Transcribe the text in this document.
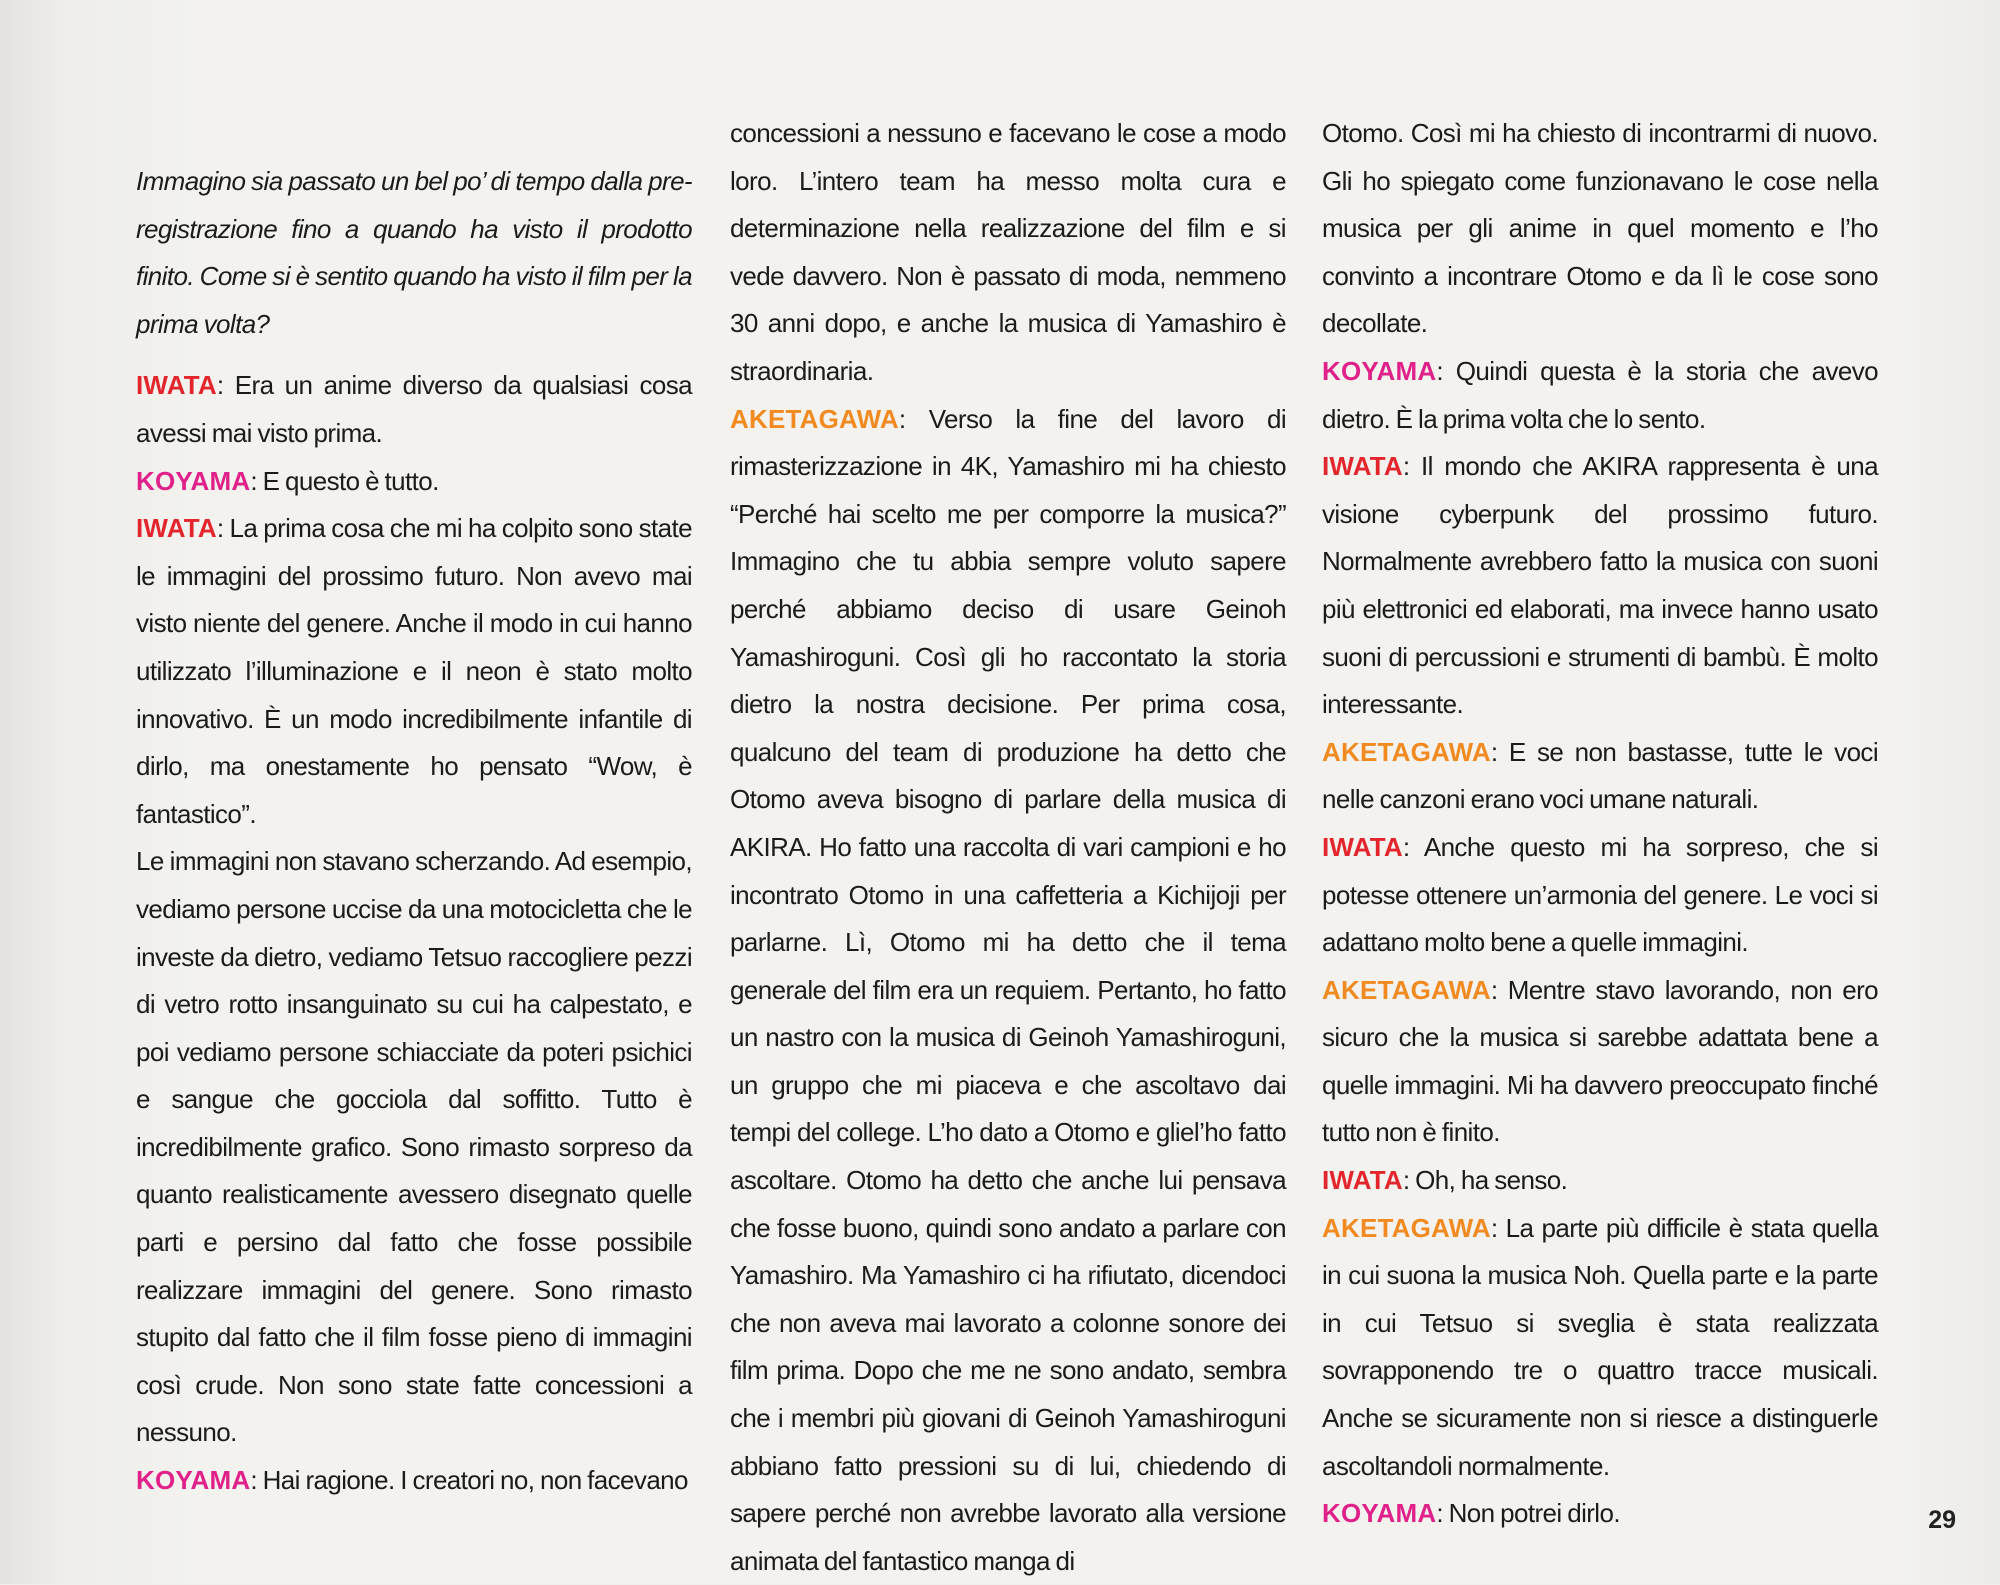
Immagino sia passato un bel po’ di tempo dalla pre-registrazione fino a quando ha visto il prodotto finito. Come si è sentito quando ha visto il film per la prima volta?

IWATA: Era un anime diverso da qualsiasi cosa avessi mai visto prima.

KOYAMA: E questo è tutto.

IWATA: La prima cosa che mi ha colpito sono state le immagini del prossimo futuro. Non avevo mai visto niente del genere. Anche il modo in cui hanno utilizzato l’illuminazione e il neon è stato molto innovativo. È un modo incredibilmente infantile di dirlo, ma onestamente ho pensato “Wow, è fantastico”.

Le immagini non stavano scherzando. Ad esempio, vediamo persone uccise da una motocicletta che le investe da dietro, vediamo Tetsuo raccogliere pezzi di vetro rotto insanguinato su cui ha calpestato, e poi vediamo persone schiacciate da poteri psichici e sangue che gocciola dal soffitto. Tutto è incredibilmente grafico. Sono rimasto sorpreso da quanto realisticamente avessero disegnato quelle parti e persino dal fatto che fosse possibile realizzare immagini del genere. Sono rimasto stupito dal fatto che il film fosse pieno di immagini così crude. Non sono state fatte concessioni a nessuno.

KOYAMA: Hai ragione. I creatori no, non facevano

concessioni a nessuno e facevano le cose a modo loro. L’intero team ha messo molta cura e determinazione nella realizzazione del film e si vede davvero. Non è passato di moda, nemmeno 30 anni dopo, e anche la musica di Yamashiro è straordinaria.

AKETAGAWA: Verso la fine del lavoro di rimasterizzazione in 4K, Yamashiro mi ha chiesto “Perché hai scelto me per comporre la musica?” Immagino che tu abbia sempre voluto sapere perché abbiamo deciso di usare Geinoh Yamashiroguni. Così gli ho raccontato la storia dietro la nostra decisione. Per prima cosa, qualcuno del team di produzione ha detto che Otomo aveva bisogno di parlare della musica di AKIRA. Ho fatto una raccolta di vari campioni e ho incontrato Otomo in una caffetteria a Kichijoji per parlarne. Lì, Otomo mi ha detto che il tema generale del film era un requiem. Pertanto, ho fatto un nastro con la musica di Geinoh Yamashiroguni, un gruppo che mi piaceva e che ascoltavo dai tempi del college. L’ho dato a Otomo e gliel’ho fatto ascoltare. Otomo ha detto che anche lui pensava che fosse buono, quindi sono andato a parlare con Yamashiro. Ma Yamashiro ci ha rifiutato, dicendoci che non aveva mai lavorato a colonne sonore dei film prima. Dopo che me ne sono andato, sembra che i membri più giovani di Geinoh Yamashiroguni abbiano fatto pressioni su di lui, chiedendo di sapere perché non avrebbe lavorato alla versione animata del fantastico manga di

Otomo. Così mi ha chiesto di incontrarmi di nuovo. Gli ho spiegato come funzionavano le cose nella musica per gli anime in quel momento e l’ho convinto a incontrare Otomo e da lì le cose sono decollate.

KOYAMA: Quindi questa è la storia che avevo dietro. È la prima volta che lo sento.

IWATA: Il mondo che AKIRA rappresenta è una visione cyberpunk del prossimo futuro. Normalmente avrebbero fatto la musica con suoni più elettronici ed elaborati, ma invece hanno usato suoni di percussioni e strumenti di bambù. È molto interessante.

AKETAGAWA: E se non bastasse, tutte le voci nelle canzoni erano voci umane naturali.

IWATA: Anche questo mi ha sorpreso, che si potesse ottenere un’armonia del genere. Le voci si adattano molto bene a quelle immagini.

AKETAGAWA: Mentre stavo lavorando, non ero sicuro che la musica si sarebbe adattata bene a quelle immagini. Mi ha davvero preoccupato finché tutto non è finito.

IWATA: Oh, ha senso.

AKETAGAWA: La parte più difficile è stata quella in cui suona la musica Noh. Quella parte e la parte in cui Tetsuo si sveglia è stata realizzata sovrapponendo tre o quattro tracce musicali. Anche se sicuramente non si riesce a distinguerle ascoltandoli normalmente.

KOYAMA: Non potrei dirlo.	29
